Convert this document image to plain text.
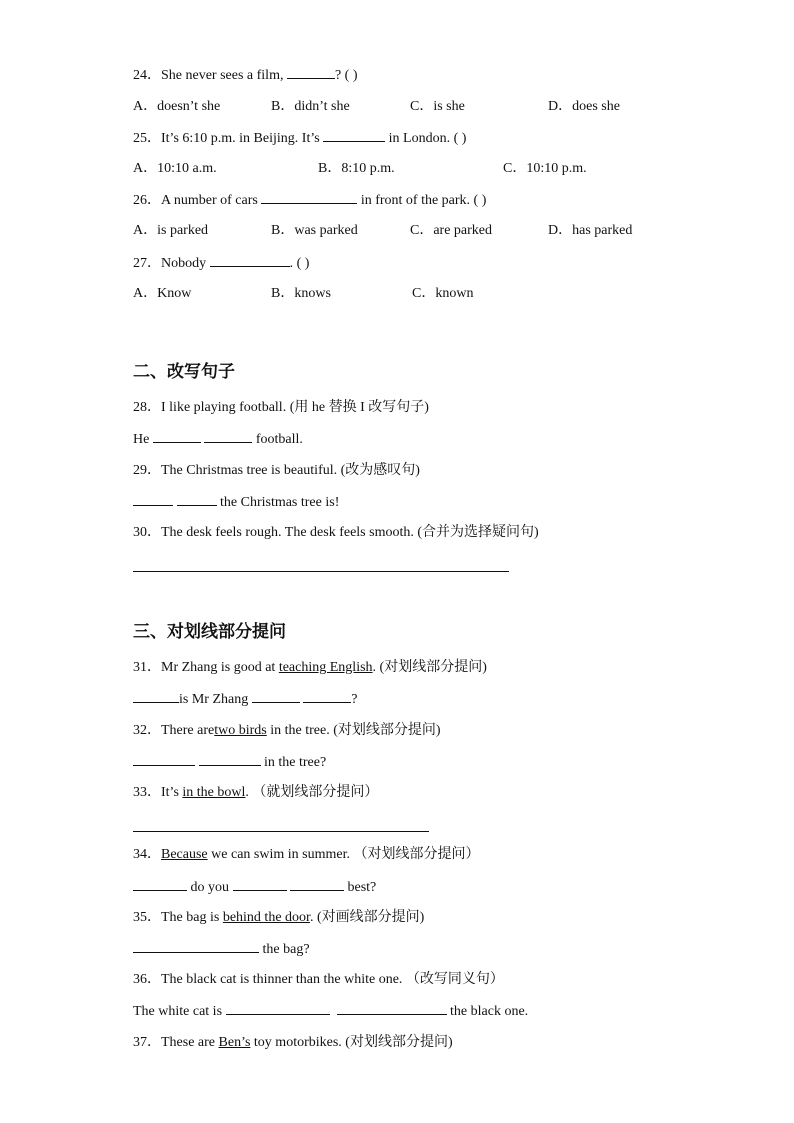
24．She never sees a film,	? ( )
A．doesn’t she	B．didn’t she	C．is she	D．does she
25．It’s 6:10 p.m. in Beijing. It’s	in London. ( )
A．10:10 a.m.	B．8:10 p.m.	C．10:10 p.m.
26．A number of cars	in front of the park. ( )
A．is parked	B．was parked	C．are parked	D．has parked
27．Nobody	. ( )
A．Know	B．knows	C．known
二、改写句子
28．I like playing football. (用 he 替换 I 改写句子)
He	football.
29．The Christmas tree is beautiful. (改为感叹句)
the Christmas tree is!
30．The desk feels rough. The desk feels smooth. (合并为选择疑问句)
三、对划线部分提问
31．Mr Zhang is good at teaching English. (对划线部分提问)
is Mr Zhang	?
32．There aretwo birds in the tree. (对划线部分提问)
in the tree?
33．It’s in the bowl. （就划线部分提问）
34．Because we can swim in summer. （对划线部分提问）
do you	best?
35．The bag is behind the door. (对画线部分提问)
the bag?
36．The black cat is thinner than the white one. （改写同义句）
The white cat is	the black one.
37．These are Ben’s toy motorbikes. (对划线部分提问)
